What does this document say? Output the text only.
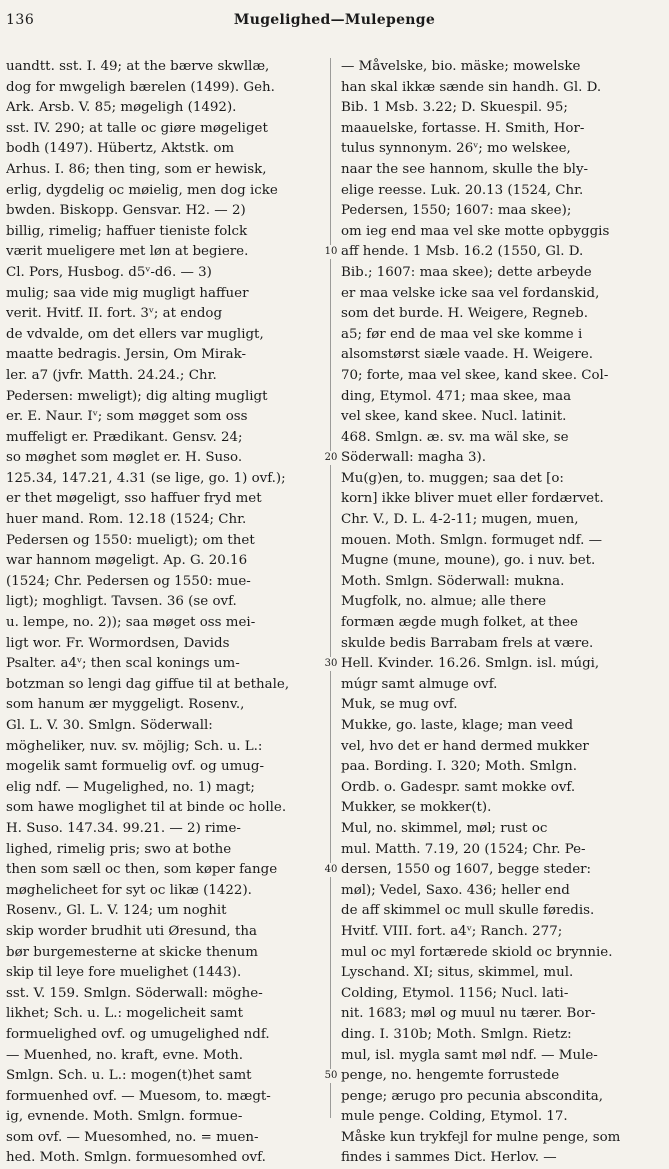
136	Mugelighed—Mulepenge
uandtt. sst. I. 49; at the bærve skwllæ,
dog for mwgeligh bærelen (1499). Geh.
Ark. Arsb. V. 85; møgeligh (1492).
sst. IV. 290; at talle oc giøre møgeliget
bodh (1497). Hübertz, Aktstk. om
Arhus. I. 86; then ting, som er hewisk,
erlig, dygdelig oc møielig, men dog icke
bwden. Biskopp. Gensvar. H2. — 2)
billig, rimelig; haffuer tieniste folck
værit mueligere met løn at begiere.
Cl. Pors, Husbog. d5ᵛ-d6. — 3)
mulig; saa vide mig mugligt haffuer
verit. Hvitf. II. fort. 3ᵛ; at endog
de vdvalde, om det ellers var mugligt,
maatte bedragis. Jersin, Om Mirak-
ler. a7 (jvfr. Matth. 24.24.; Chr.
Pedersen: mweligt); dig alting mugligt
er. E. Naur. Iᵛ; som møgget som oss
muffeligt er. Prædikant. Gensv. 24;
so møghet som møglet er. H. Suso.
125.34, 147.21, 4.31 (se lige, go. 1) ovf.);
er thet møgeligt, sso haffuer fryd met
huer mand. Rom. 12.18 (1524; Chr.
Pedersen og 1550: mueligt); om thet
war hannom møgeligt. Ap. G. 20.16
(1524; Chr. Pedersen og 1550: mue-
ligt); moghligt. Tavsen. 36 (se ovf.
u. lempe, no. 2)); saa møget oss mei-
ligt wor. Fr. Wormordsen, Davids
Psalter. a4ᵛ; then scal konings um-
botzman so lengi dag giffue til at bethale,
som hanum ær myggeligt. Rosenv.,
Gl. L. V. 30. Smlgn. Söderwall:
mögheliker, nuv. sv. möjlig; Sch. u. L.:
mogelik samt formuelig ovf. og umug-
elig ndf. — Mugelighed, no. 1) magt;
som hawe moglighet til at binde oc holle.
H. Suso. 147.34. 99.21. — 2) rime-
lighed, rimelig pris; swo at bothe
then som sæll oc then, som køper fange
møghelicheet for syt oc likæ (1422).
Rosenv., Gl. L. V. 124; um noghit
skip worder brudhit uti Øresund, tha
bør burgemesterne at skicke thenum
skip til leye fore muelighet (1443).
sst. V. 159. Smlgn. Söderwall: möghe-
likhet; Sch. u. L.: mogelicheit samt
formuelighed ovf. og umugelighed ndf.
— Muenhed, no. kraft, evne. Moth.
Smlgn. Sch. u. L.: mogen(t)het samt
formuenhed ovf. — Muesom, to. mægt-
ig, evnende. Moth. Smlgn. formue-
som ovf. — Muesomhed, no. = muen-
hed. Moth. Smlgn. formuesomhed ovf.
10
20
30
40
50
— Måvelske, bio. mäske; mowelske
han skal ikkæ sænde sin handh. Gl. D.
Bib. 1 Msb. 3.22; D. Skuespil. 95;
maauelske, fortasse. H. Smith, Hor-
tulus synnonym. 26ᵛ; mo welskee,
naar the see hannom, skulle the bly-
elige reesse. Luk. 20.13 (1524, Chr.
Pedersen, 1550; 1607: maa skee);
om ieg end maa vel ske motte opbyggis
aff hende. 1 Msb. 16.2 (1550, Gl. D.
Bib.; 1607: maa skee); dette arbeyde
er maa velske icke saa vel fordanskid,
som det burde. H. Weigere, Regneb.
a5; før end de maa vel ske komme i
alsomstørst siæle vaade. H. Weigere.
70; forte, maa vel skee, kand skee. Col-
ding, Etymol. 471; maa skee, maa
vel skee, kand skee. Nucl. latinit.
468. Smlgn. æ. sv. ma wäl ske, se
Söderwall: magha 3).
Mu(g)en, to. muggen; saa det [o:
korn] ikke bliver muet eller fordærvet.
Chr. V., D. L. 4-2-11; mugen, muen,
mouen. Moth. Smlgn. formuget ndf. —
Mugne (mune, moune), go. i nuv. bet.
Moth. Smlgn. Söderwall: mukna.
Mugfolk, no. almue; alle there
formæn ægde mugh folket, at thee
skulde bedis Barrabam frels at være.
Hell. Kvinder. 16.26. Smlgn. isl. múgi,
múgr samt almuge ovf.
Muk, se mug ovf.
Mukke, go. laste, klage; man veed
vel, hvo det er hand dermed mukker
paa. Bording. I. 320; Moth. Smlgn.
Ordb. o. Gadespr. samt mokke ovf.
Mukker, se mokker(t).
Mul, no. skimmel, møl; rust oc
mul. Matth. 7.19, 20 (1524; Chr. Pe-
dersen, 1550 og 1607, begge steder:
møl); Vedel, Saxo. 436; heller end
de aff skimmel oc mull skulle føredis.
Hvitf. VIII. fort. a4ᵛ; Ranch. 277;
mul oc myl fortærede skiold oc brynnie.
Lyschand. XI; situs, skimmel, mul.
Colding, Etymol. 1156; Nucl. lati-
nit. 1683; møl og muul nu tærer. Bor-
ding. I. 310b; Moth. Smlgn. Rietz:
mul, isl. mygla samt møl ndf. — Mule-
penge, no. hengemte forrustede
penge; ærugo pro pecunia abscondita,
mule penge. Colding, Etymol. 17.
Måske kun trykfejl for mulne penge, som
findes i sammes Dict. Herlov. —
